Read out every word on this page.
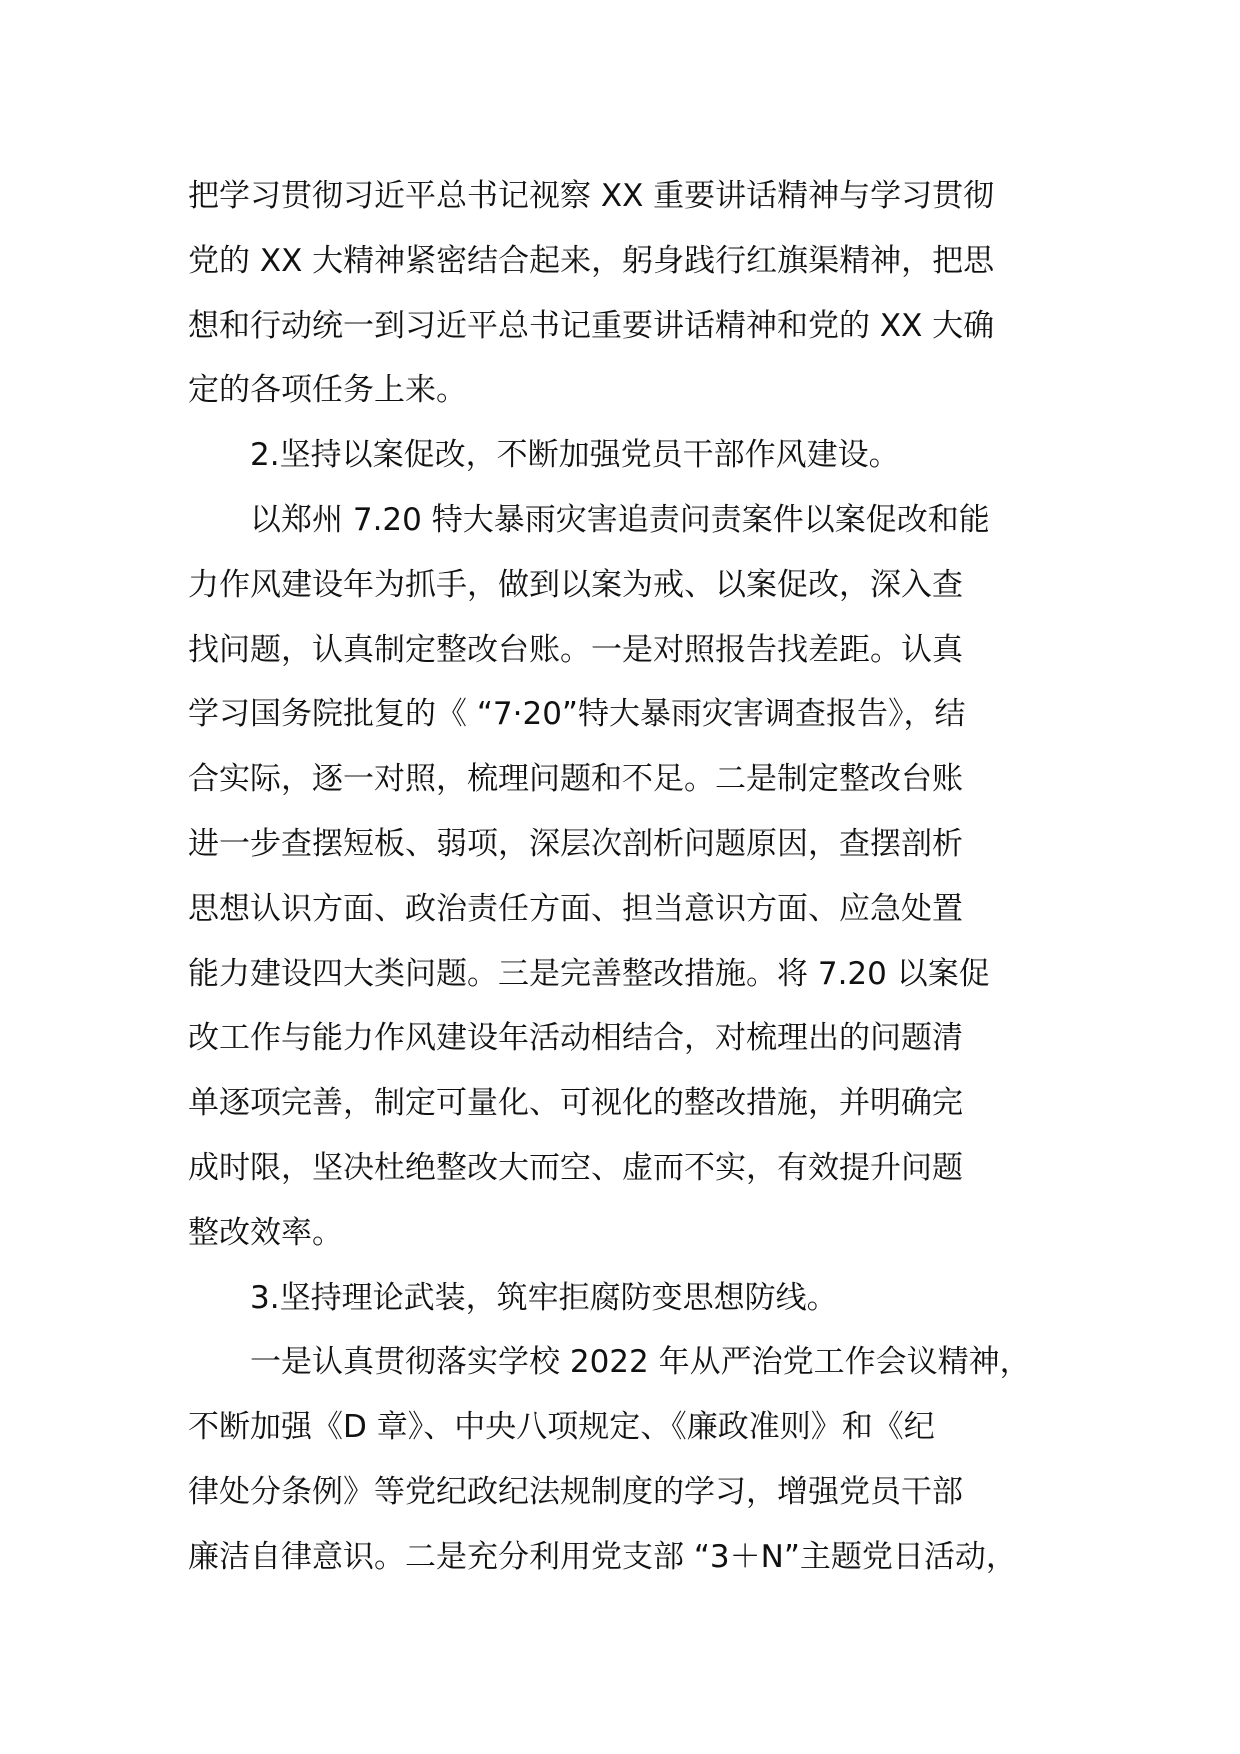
把学习贯彻习近平总书记视察 XX 重要讲话精神与学习贯彻
党的 XX 大精神紧密结合起来，躬身践行红旗渠精神，把思
想和行动统一到习近平总书记重要讲话精神和党的 XX 大确
定的各项任务上来。
2.坚持以案促改，不断加强党员干部作风建设。
以郑州 7.20 特大暴雨灾害追责问责案件以案促改和能
力作风建设年为抓手，做到以案为戒、以案促改，深入查
找问题，认真制定整改台账。一是对照报告找差距。认真
学习国务院批复的《 “7·20”特大暴雨灾害调查报告》，结
合实际，逐一对照，梳理问题和不足。二是制定整改台账
进一步查摆短板、弱项，深层次剖析问题原因，查摆剖析
思想认识方面、政治责任方面、担当意识方面、应急处置
能力建设四大类问题。三是完善整改措施。将 7.20 以案促
改工作与能力作风建设年活动相结合，对梳理出的问题清
单逐项完善，制定可量化、可视化的整改措施，并明确完
成时限，坚决杜绝整改大而空、虚而不实，有效提升问题
整改效率。
3.坚持理论武装，筑牢拒腐防变思想防线。
一是认真贯彻落实学校 2022 年从严治党工作会议精神，
不断加强《D 章》、中央八项规定、《廉政准则》和《纪
律处分条例》等党纪政纪法规制度的学习，增强党员干部
廉洁自律意识。二是充分利用党支部 “3＋N”主题党日活动，
